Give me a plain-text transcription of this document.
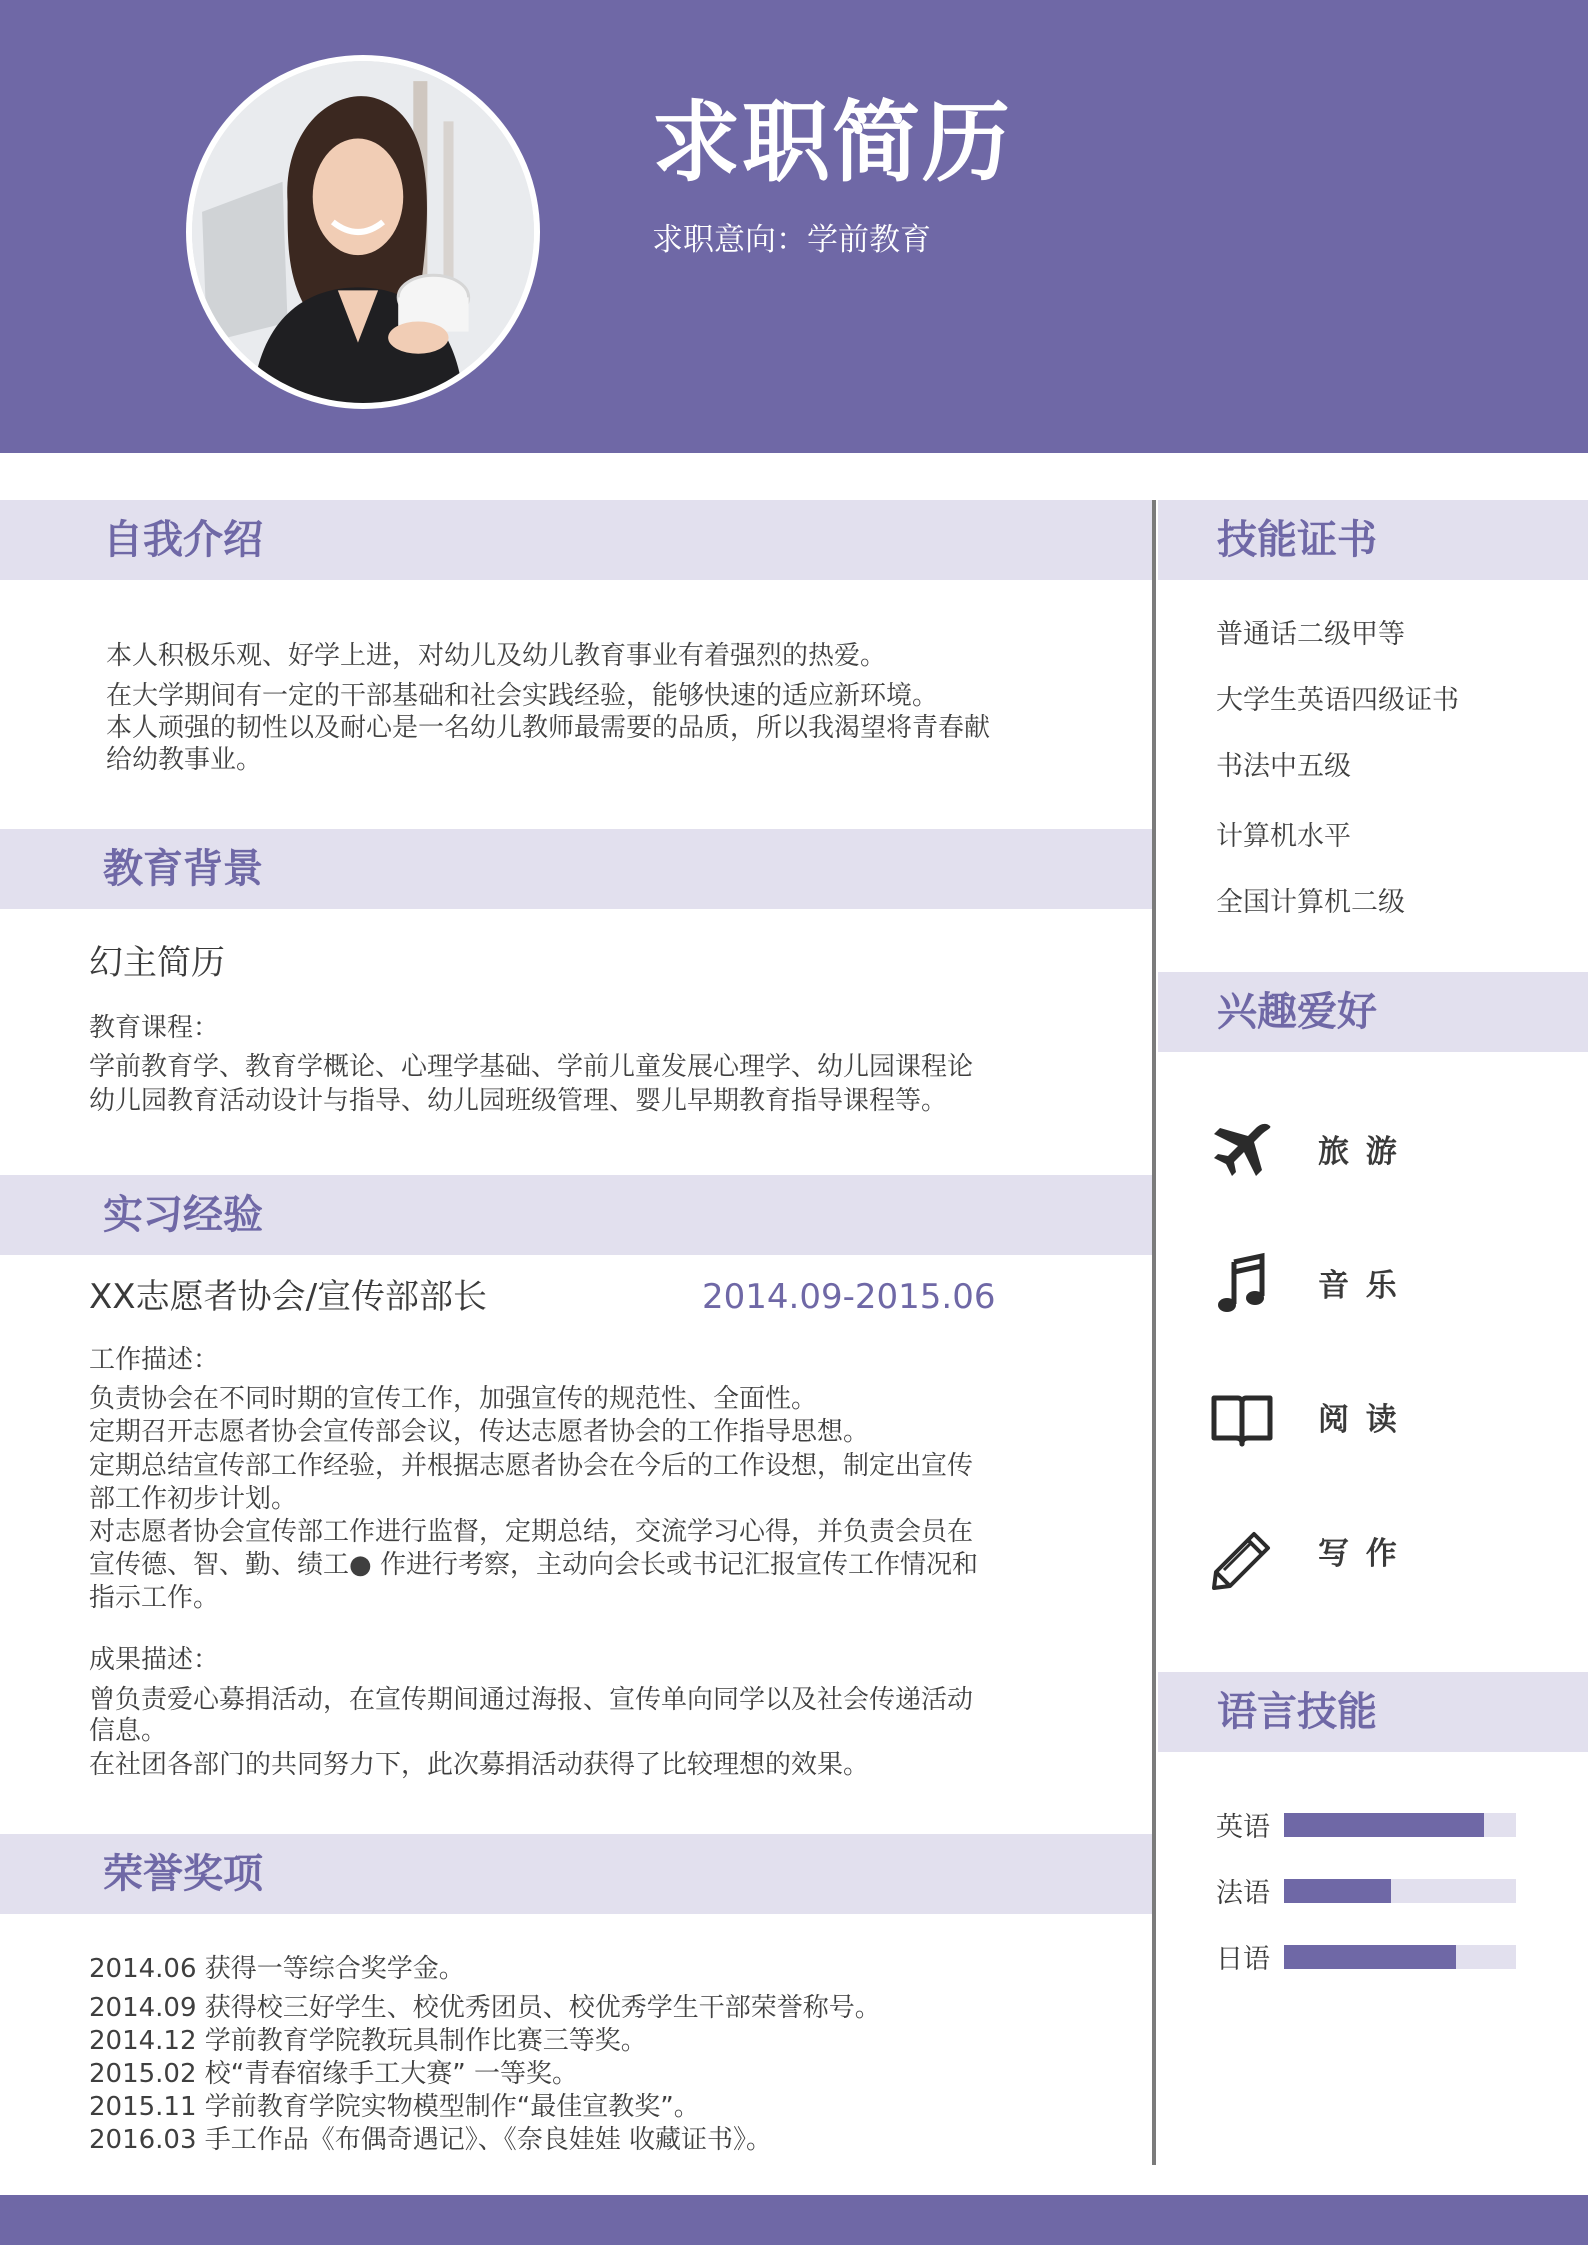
求职简历
求职意向：学前教育
自我介绍
本人积极乐观、好学上进，对幼儿及幼儿教育事业有着强烈的热爱。
在大学期间有一定的干部基础和社会实践经验，能够快速的适应新环境。
本人顽强的韧性以及耐心是一名幼儿教师最需要的品质，所以我渴望将青春献
给幼教事业。
教育背景
幻主简历
教育课程：
学前教育学、教育学概论、心理学基础、学前儿童发展心理学、幼儿园课程论
幼儿园教育活动设计与指导、幼儿园班级管理、婴儿早期教育指导课程等。
实习经验
XX志愿者协会/宣传部部长	2014.09-2015.06
工作描述：
负责协会在不同时期的宣传工作，加强宣传的规范性、全面性。
定期召开志愿者协会宣传部会议，传达志愿者协会的工作指导思想。
定期总结宣传部工作经验，并根据志愿者协会在今后的工作设想，制定出宣传
部工作初步计划。
对志愿者协会宣传部工作进行监督，定期总结，交流学习心得，并负责会员在
宣传德、智、勤、绩工● 作进行考察，主动向会长或书记汇报宣传工作情况和
指示工作。
成果描述：
曾负责爱心募捐活动，在宣传期间通过海报、宣传单向同学以及社会传递活动
信息。
在社团各部门的共同努力下，此次募捐活动获得了比较理想的效果。
荣誉奖项
2014.06 获得一等综合奖学金。
2014.09 获得校三好学生、校优秀团员、校优秀学生干部荣誉称号。
2014.12 学前教育学院教玩具制作比赛三等奖。
2015.02 校“青春宿缘手工大赛” 一等奖。
2015.11 学前教育学院实物模型制作“最佳宣教奖”。
2016.03 手工作品《布偶奇遇记》、《奈良娃娃 收藏证书》。
技能证书
普通话二级甲等
大学生英语四级证书
书法中五级
计算机水平
全国计算机二级
兴趣爱好
旅 游
音 乐
阅 读
写 作
语言技能
英语
法语
日语
